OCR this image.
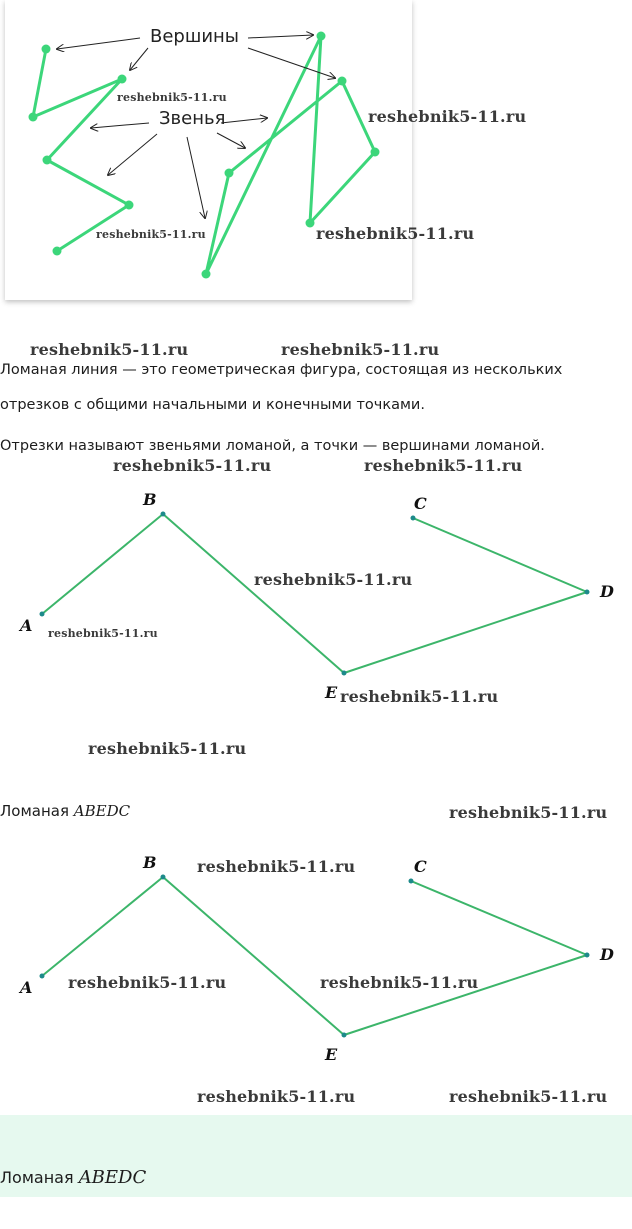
Вершины
Звенья
reshebnik5-11.ru
reshebnik5-11.ru
reshebnik5-11.ru	reshebnik5-11.ru
reshebnik5-11.ru	reshebnik5-11.ru
Ломаная линия — это геометрическая фигура, состоящая из нескольких
отрезков с общими начальными и конечными точками.
Отрезки называют звеньями ломаной, а точки — вершинами ломаной.
reshebnik5-11.ru	reshebnik5-11.ru
A
B	C
D
E
reshebnik5-11.ru
reshebnik5-11.ru
reshebnik5-11.ru
reshebnik5-11.ru
Ломаная ABEDC	reshebnik5-11.ru
A
B	C
D
E
reshebnik5-11.ru
reshebnik5-11.ru	reshebnik5-11.ru
reshebnik5-11.ru	reshebnik5-11.ru
Ломаная ABEDC
